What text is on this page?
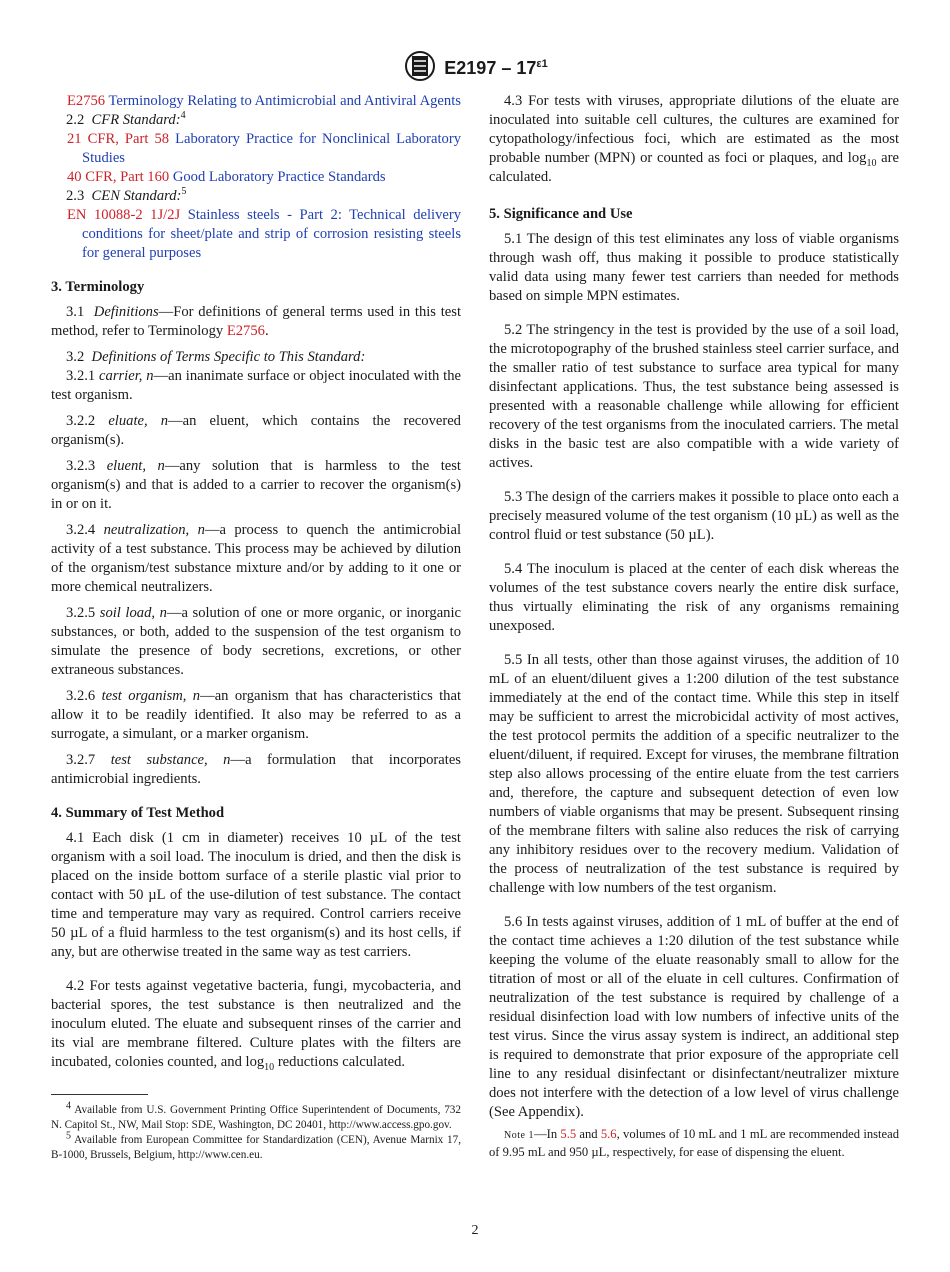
$E2197 - 17^{\varepsilon 1}$

E2756 Terminology Relating to Antimicrobial and Antiviral Agents

2.2 CFR Standard:$^4$

21 CFR, Part 58 Laboratory Practice for Nonclinical Laboratory Studies

40 CFR, Part 160 Good Laboratory Practice Standards

2.3 CEN Standard:$^5$

EN 10088-2 1J/2J Stainless steels - Part 2: Technical delivery conditions for sheet/plate and strip of corrosion resisting steels for general purposes

3. Terminology

3.1 Definitions—For definitions of general terms used in this test method, refer to Terminology E2756.

3.2 Definitions of Terms Specific to This Standard:

3.2.1 carrier, n—an inanimate surface or object inoculated with the test organism.

3.2.2 eluate, n—an eluent, which contains the recovered organism(s).

3.2.3 eluent, n—any solution that is harmless to the test organism(s) and that is added to a carrier to recover the organism(s) in or on it.

3.2.4 neutralization, n—a process to quench the antimicrobial activity of a test substance. This process may be achieved by dilution of the organism/test substance mixture and/or by adding to it one or more chemical neutralizers.

3.2.5 soil load, n—a solution of one or more organic, or inorganic substances, or both, added to the suspension of the test organism to simulate the presence of body secretions, excretions, or other extraneous substances.

3.2.6 test organism, n—an organism that has characteristics that allow it to be readily identified. It also may be referred to as a surrogate, a simulant, or a marker organism.

3.2.7 test substance, n—a formulation that incorporates antimicrobial ingredients.

4. Summary of Test Method

4.1 Each disk (1 cm in diameter) receives 10 µL of the test organism with a soil load. The inoculum is dried, and then the disk is placed on the inside bottom surface of a sterile plastic vial prior to contact with 50 µL of the use-dilution of test substance. The contact time and temperature may vary as required. Control carriers receive 50 µL of a fluid harmless to the test organism(s) and its host cells, if any, but are otherwise treated in the same way as test carriers.

4.2 For tests against vegetative bacteria, fungi, mycobacteria, and bacterial spores, the test substance is then neutralized and the inoculum eluted. The eluate and subsequent rinses of the carrier and its vial are membrane filtered. Culture plates with the filters are incubated, colonies counted, and $\log_{10}$ reductions calculated.

$^4$ Available from U.S. Government Printing Office Superintendent of Documents, 732 N. Capitol St., NW, Mail Stop: SDE, Washington, DC 20401, http://www.access.gpo.gov.

$^5$ Available from European Committee for Standardization (CEN), Avenue Marnix 17, B-1000, Brussels, Belgium, http://www.cen.eu.

4.3 For tests with viruses, appropriate dilutions of the eluate are inoculated into suitable cell cultures, the cultures are examined for cytopathology/infectious foci, which are estimated as the most probable number (MPN) or counted as foci or plaques, and $\log_{10}$ are calculated.

5. Significance and Use

5.1 The design of this test eliminates any loss of viable organisms through wash off, thus making it possible to produce statistically valid data using many fewer test carriers than needed for methods based on simple MPN estimates.

5.2 The stringency in the test is provided by the use of a soil load, the microtopography of the brushed stainless steel carrier surface, and the smaller ratio of test substance to surface area typical for many disinfectant applications. Thus, the test substance being assessed is presented with a reasonable challenge while allowing for efficient recovery of the test organisms from the inoculated carriers. The metal disks in the basic test are also compatible with a wide variety of actives.

5.3 The design of the carriers makes it possible to place onto each a precisely measured volume of the test organism (10 µL) as well as the control fluid or test substance (50 µL).

5.4 The inoculum is placed at the center of each disk whereas the volumes of the test substance covers nearly the entire disk surface, thus virtually eliminating the risk of any organisms remaining unexposed.

5.5 In all tests, other than those against viruses, the addition of 10 mL of an eluent/diluent gives a 1:200 dilution of the test substance immediately at the end of the contact time. While this step in itself may be sufficient to arrest the microbicidal activity of most actives, the test protocol permits the addition of a specific neutralizer to the eluent/diluent, if required. Except for viruses, the membrane filtration step also allows processing of the entire eluate from the test carriers and, therefore, the capture and subsequent detection of even low numbers of viable organisms that may be present. Subsequent rinsing of the membrane filters with saline also reduces the risk of carrying any inhibitory residues over to the recovery medium. Validation of the process of neutralization of the test substance is required by challenge with low numbers of the test organism.

5.6 In tests against viruses, addition of 1 mL of buffer at the end of the contact time achieves a 1:20 dilution of the test substance while keeping the volume of the eluate reasonably small to allow for the titration of most or all of the eluate in cell cultures. Confirmation of neutralization of the test substance is required by challenge of a residual disinfection load with low numbers of infective units of the test virus. Since the virus assay system is indirect, an additional step is required to demonstrate that prior exposure of the appropriate cell line to any residual disinfectant or disinfectant/neutralizer mixture does not interfere with the detection of a low level of virus challenge (See Appendix).

Note 1—In 5.5 and 5.6, volumes of 10 mL and 1 mL are recommended instead of 9.95 mL and 950 µL, respectively, for ease of dispensing the eluent.

2
